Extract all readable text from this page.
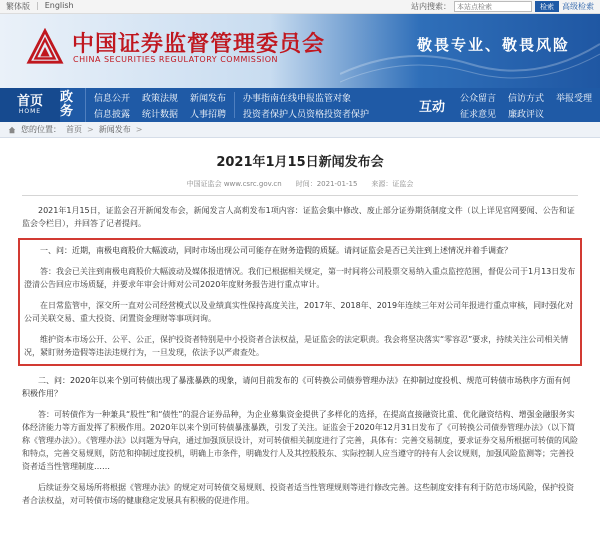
繁体版 | English	站内搜索：
本站点检索	检索	高级检索
中国证券监督管理委员会
CHINA SECURITIES REGULATORY COMMISSION
敬畏专业、敬畏风险
首页
HOME
政务
信息公开 政策法规 新闻发布
信息披露 统计数据 人事招聘
办事指南在线申报监管对象
投资者保护人员资格投资者保护	互动
公众留言 信访方式 举报受理
征求意见 廉政评议
您的位置： 首页 > 新闻发布 >
2021年1月15日新闻发布会
中国证监会 www.csrc.gov.cn 时间：2021-01-15 来源：证监会

2021年1月15日，证监会召开新闻发布会，新闻发言人高莉发布1项内容：证监会集中修改、废止部分证券期货制度文件（以上详见官网要闻、公告和证监会令栏目），并回答了记者提问。

一、问：近期，南极电商股价大幅波动，同时市场出现公司可能存在财务造假的质疑。请问证监会是否已关注到上述情况并着手调查？

答：我会已关注到南极电商股价大幅波动及媒体报道情况。我们已根据相关规定，第一时间将公司股票交易纳入重点监控范围，督促公司于1月13日发布澄清公告回应市场质疑，并要求年审会计师对公司2020年度财务报告进行重点审计。

在日常监管中，深交所一直对公司经营模式以及业绩真实性保持高度关注，2017年、2018年、2019年连续三年对公司年报进行重点审核，同时强化对公司关联交易、重大投资、闭置资金理财等事项问询。

维护资本市场公开、公平、公正，保护投资者特别是中小投资者合法权益，是证监会的法定职责。我会将坚决落实“零容忍”要求，持续关注公司相关情况，紧盯财务造假等违法违规行为，一旦发现，依法予以严肃查处。

二、问：2020年以来个别可转债出现了暴涨暴跌的现象，请问目前发布的《可转换公司债券管理办法》在抑制过度投机、规范可转债市场秩序方面有何积极作用？

答：可转债作为一种兼具“股性”和“债性”的混合证券品种，为企业募集资金提供了多样化的选择，在提高直接融资比重、优化融资结构、增强金融服务实体经济能力等方面发挥了积极作用。2020年以来个别可转债暴涨暴跌，引发了关注。证监会于2020年12月31日发布了《可转换公司债券管理办法》（以下简称《管理办法》）。《管理办法》以问题为导向，通过加强顶层设计，对可转债相关制度进行了完善，具体有：完善交易制度，要求证券交易所根据可转债的风险和特点，完善交易规则，防范和抑制过度投机，明确上市条件，明确发行人及其控股股东、实际控制人应当遵守的持有人会议规则，加强风险监测等；完善投资者适当性管理制度……

后续证券交易场所将根据《管理办法》的规定对可转债交易规则、投资者适当性管理规则等进行修改完善。这些制度安排有利于防范市场风险，保护投资者合法权益，对可转债市场的健康稳定发展具有积极的促进作用。
